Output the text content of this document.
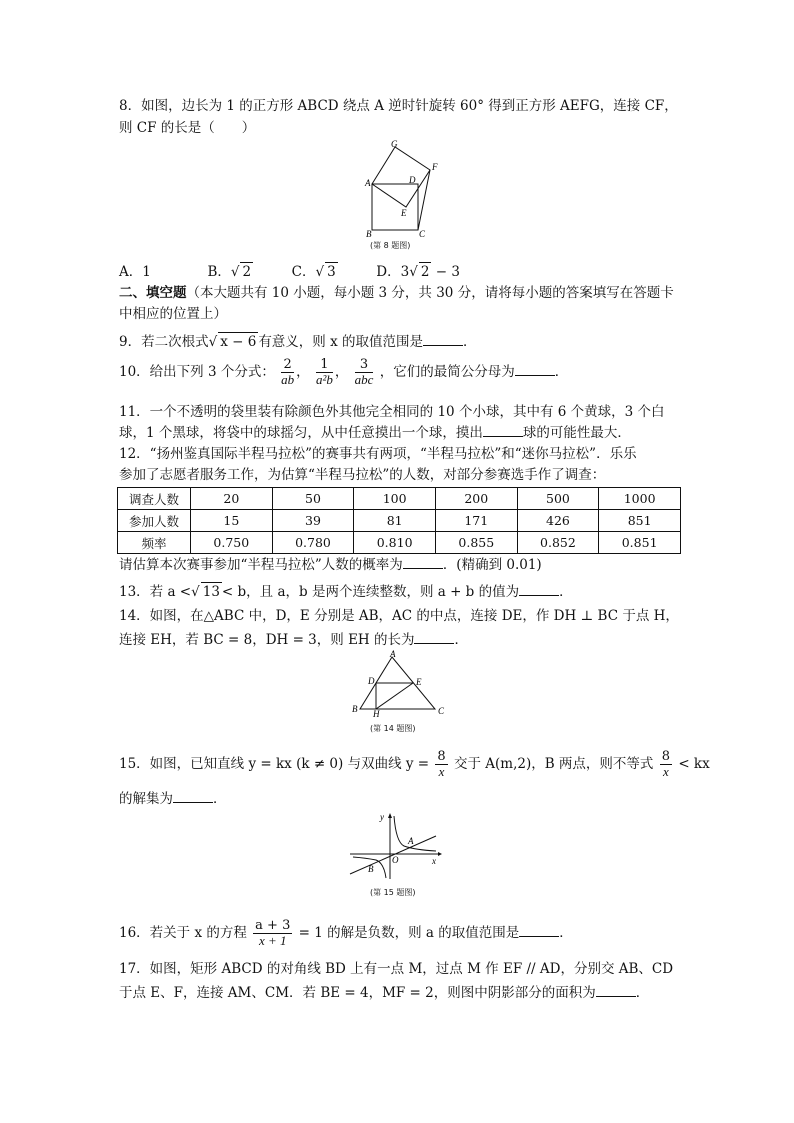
8．如图，边长为 1 的正方形 ABCD 绕点 A 逆时针旋转 60° 得到正方形 AEFG，连接 CF，
则 CF 的长是（　　）
G
A	D
F
E
B	C
(第 8 题图)
A．1	B．√ 2	C．√ 3	D．3√ 2 − 3
二、填空题（本大题共有 10 小题，每小题 3 分，共 30 分，请将每小题的答案填写在答题卡
中相应的位置上）
9．若二次根式√ x − 6 有意义，则 x 的取值范围是	．
10．给出下列 3 个分式： $\frac{2}{ab}$ ， $\frac{1}{\text{a²b}}$ ， $\frac{3}{\text{abc}}$ ，它们的最简公分母为	．
11．一个不透明的袋里装有除颜色外其他完全相同的 10 个小球，其中有 6 个黄球，3 个白
球，1 个黑球，将袋中的球摇匀，从中任意摸出一个球，摸出	球的可能性最大．
12．“扬州鉴真国际半程马拉松”的赛事共有两项，“半程马拉松”和“迷你马拉松”．乐乐
参加了志愿者服务工作，为估算“半程马拉松”的人数，对部分参赛选手作了调查：
调查人数	20	50	100	200	500	1000
参加人数	15	39	81	171	426	851
频率	0.750	0.780	0.810	0.855	0.852	0.851
请估算本次赛事参加“半程马拉松”人数的概率为	．(精确到 0.01)
13．若 a <√ 13 < b，且 a，b 是两个连续整数，则 a + b 的值为	．
14．如图，在△ABC 中，D，E 分别是 AB，AC 的中点，连接 DE，作 DH ⊥ BC 于点 H，
连接 EH，若 BC = 8，DH = 3，则 EH 的长为	．
A
D	E
B H	C
(第 14 题图)
15．如图，已知直线 y = kx (k ≠ 0) 与双曲线 $y = \frac{8}{x}$ 交于 A(m,2)，B 两点，则不等式 $\frac{8}{x}$ < kx
的解集为	．
y
x
O
A
B
(第 15 题图)
16．若关于 x 的方程 $\frac{a + 3}{x + 1} = 1$ 的解是负数，则 a 的取值范围是	．
17．如图，矩形 ABCD 的对角线 BD 上有一点 M，过点 M 作 EF // AD，分别交 AB、CD
于点 E、F，连接 AM、CM．若 BE = 4，MF = 2，则图中阴影部分的面积为	．
